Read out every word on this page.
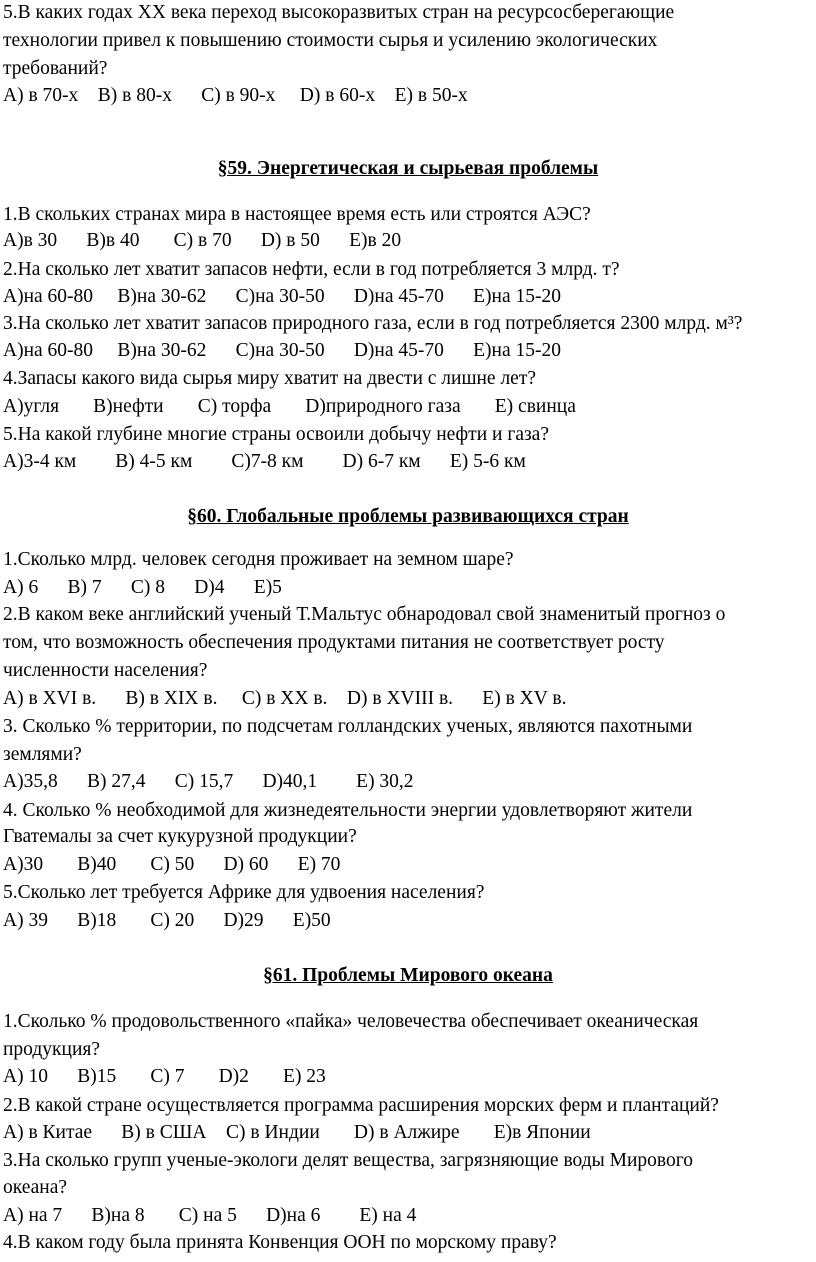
5.В каких годах XX века переход высокоразвитых стран на ресурсосберегающие
технологии привел к повышению стоимости сырья и усилению экологических
требований?
A) в 70-х    B) в 80-х      C) в 90-х     D) в 60-х    E) в 50-х
§59. Энергетическая и сырьевая проблемы
1.В скольких странах мира в настоящее время есть или строятся АЭС?
A)в 30      B)в 40       C) в 70      D) в 50      E)в 20
2.На сколько лет хватит запасов нефти, если в год потребляется 3 млрд. т?
A)на 60-80     B)на 30-62      C)на 30-50      D)на 45-70      E)на 15-20
3.На сколько лет хватит запасов природного газа, если в год потребляется 2300 млрд. м³?
A)на 60-80     B)на 30-62      C)на 30-50      D)на 45-70      E)на 15-20
4.Запасы какого вида сырья миру хватит на двести с лишне лет?
A)угля       B)нефти       C) торфа       D)природного газа       E) свинца
5.На какой глубине многие страны освоили добычу нефти и газа?
A)3-4 км        B) 4-5 км        C)7-8 км        D) 6-7 км      E) 5-6 км
§60. Глобальные проблемы развивающихся стран
1.Сколько млрд. человек сегодня проживает на земном шаре?
A) 6      B) 7      C) 8      D)4      E)5
2.В каком веке английский ученый Т.Мальтус обнародовал свой знаменитый прогноз о
том, что возможность обеспечения продуктами питания не соответствует росту
численности населения?
A) в XVI в.      B) в XIX в.     C) в XX в.    D) в XVIII в.      E) в XV в.
3. Сколько % территории, по подсчетам голландских ученых, являются пахотными
землями?
A)35,8      B) 27,4      C) 15,7      D)40,1        E) 30,2
4. Сколько % необходимой для жизнедеятельности энергии удовлетворяют жители
Гватемалы за счет кукурузной продукции?
A)30       B)40       C) 50      D) 60      E) 70
5.Сколько лет требуется Африке для удвоения населения?
A) 39      B)18       C) 20      D)29      E)50
§61. Проблемы Мирового океана
1.Сколько % продовольственного «пайка» человечества обеспечивает океаническая
продукция?
A) 10      B)15       C) 7       D)2       E) 23
2.В какой стране осуществляется программа расширения морских ферм и плантаций?
A) в Китае      B) в США    C) в Индии       D) в Алжире       E)в Японии
3.На сколько групп ученые-экологи делят вещества, загрязняющие воды Мирового
океана?
A) на 7      B)на 8       C) на 5      D)на 6        E) на 4
4.В каком году была принята Конвенция ООН по морскому праву?
